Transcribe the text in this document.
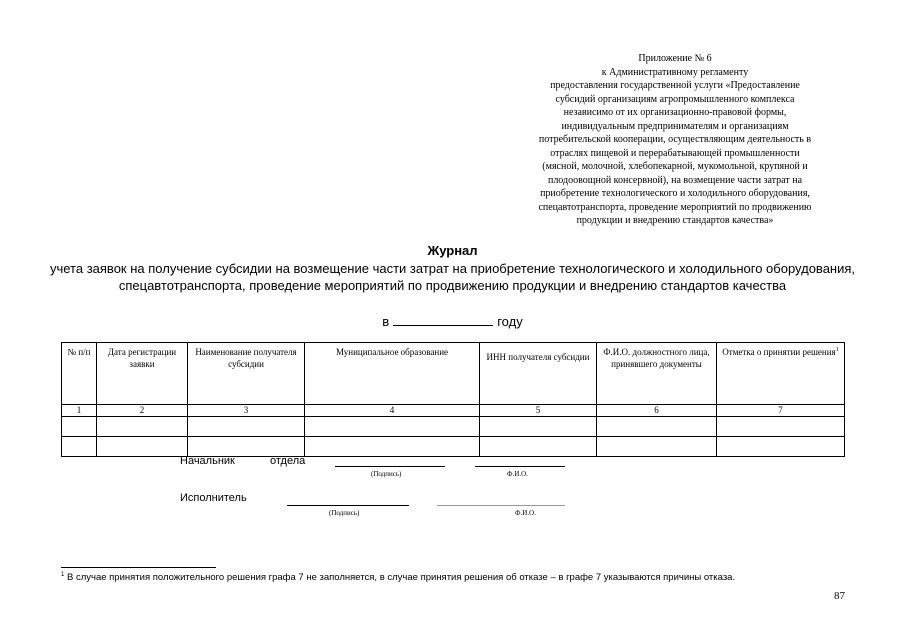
Приложение № 6
к Административному регламенту
предоставления государственной услуги «Предоставление
субсидий организациям агропромышленного комплекса
независимо от их организационно-правовой формы,
индивидуальным предпринимателям и организациям
потребительской кооперации, осуществляющим деятельность в
отраслях пищевой и перерабатывающей промышленности
(мясной, молочной, хлебопекарной, мукомольной, крупяной и
плодоовощной консервной), на возмещение части затрат на
приобретение технологического и холодильного оборудования,
спецавтотранспорта, проведение мероприятий по продвижению
продукции и внедрению стандартов качества»
Журнал
учета заявок на получение субсидии на возмещение части затрат на приобретение технологического и холодильного оборудования, спецавтотранспорта, проведение мероприятий по продвижению продукции и внедрению стандартов качества
в	году
№ п/п	Дата регистрации заявки	Наименование получателя субсидии	Муниципальное образование	ИНН получателя субсидии	Ф.И.О. должностного лица, принявшего документы	Отметка о принятии решения$^1$
1	2	3	4	5	6	7

Начальник	отдела
(Подпись)	Ф.И.О.
Исполнитель
(Подпись)	Ф.И.О.
$^1$ В случае принятия положительного решения графа 7 не заполняется, в случае принятия решения об отказе – в графе 7 указываются причины отказа.
87
